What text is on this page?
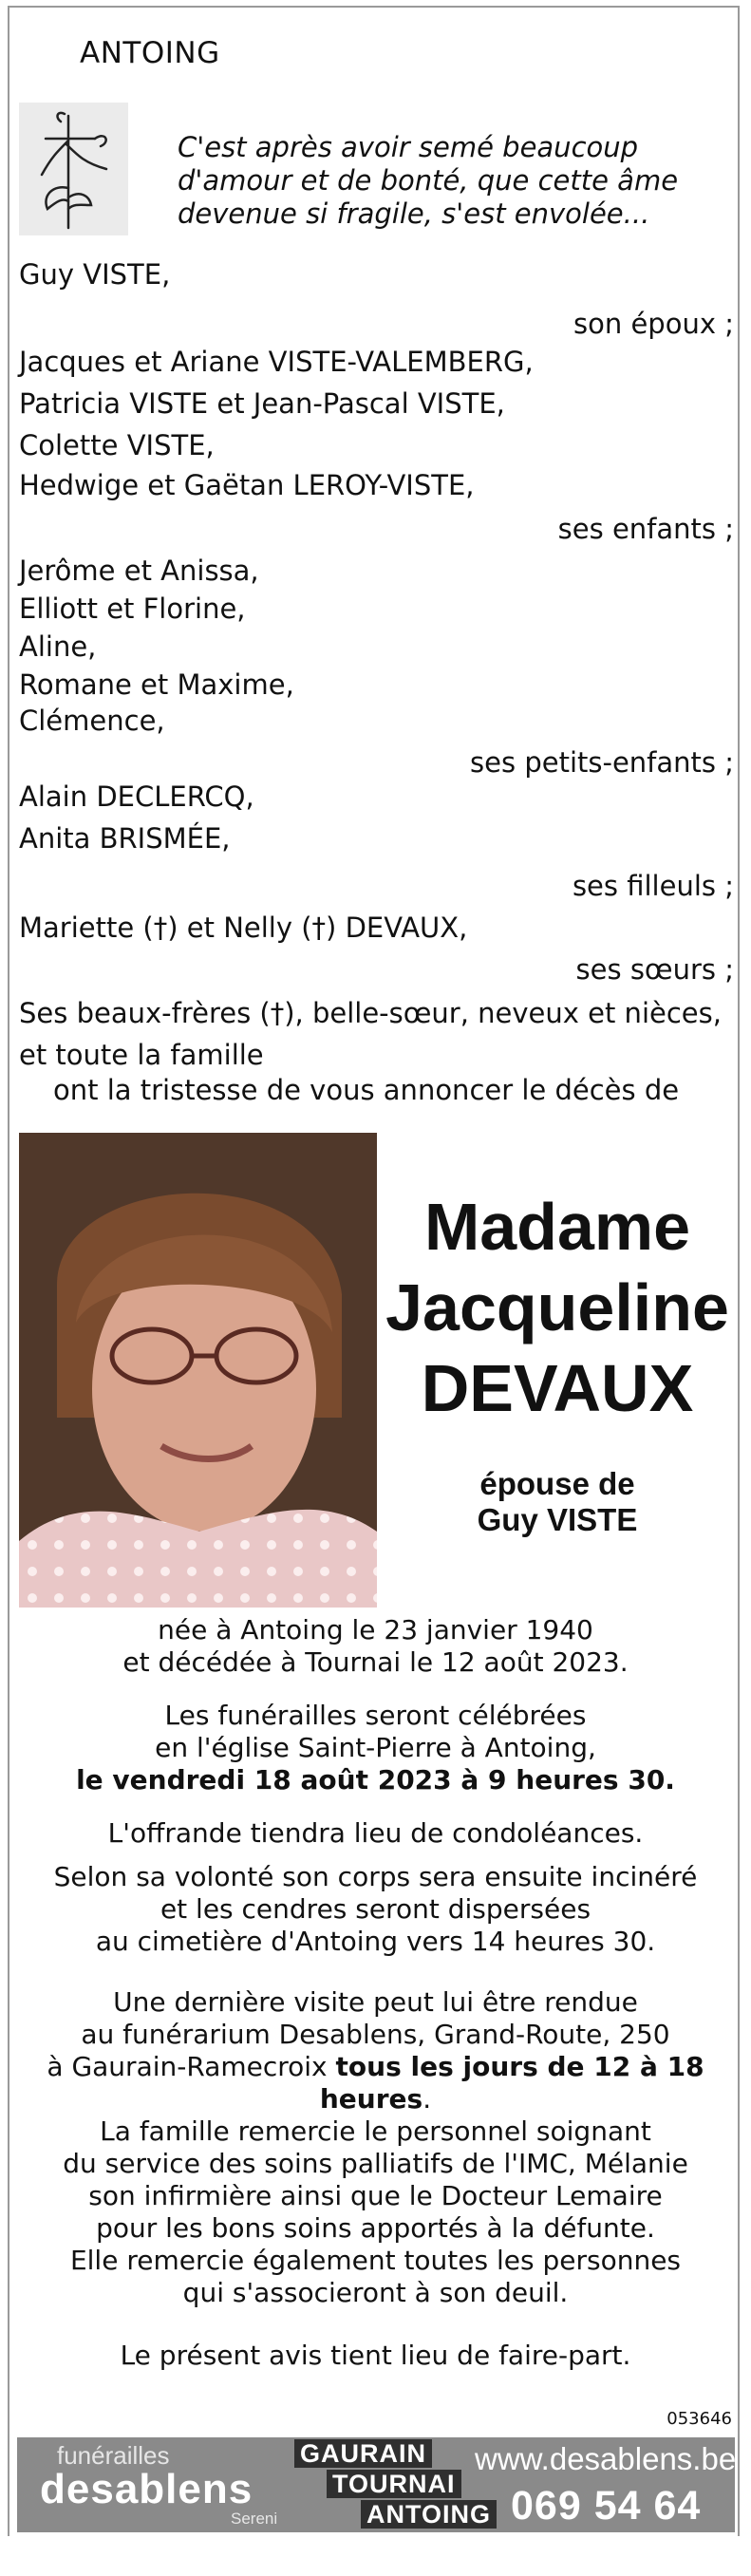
ANTOING
C'est après avoir semé beaucoup
d'amour et de bonté, que cette âme
devenue si fragile, s'est envolée...
Guy VISTE,
son époux ;
Jacques et Ariane VISTE-VALEMBERG,
Patricia VISTE et Jean-Pascal VISTE,
Colette VISTE,
Hedwige et Gaëtan LEROY-VISTE,
ses enfants ;
Jerôme et Anissa,
Elliott et Florine,
Aline,
Romane et Maxime,
Clémence,
ses petits-enfants ;
Alain DECLERCQ,
Anita BRISMÉE,
ses filleuls ;
Mariette (†) et Nelly (†) DEVAUX,
ses sœurs ;
Ses beaux-frères (†), belle-sœur, neveux et nièces,
et toute la famille
ont la tristesse de vous annoncer le décès de
Madame
Jacqueline
DEVAUX
épouse de
Guy VISTE
née à Antoing le 23 janvier 1940
et décédée à Tournai le 12 août 2023.
Les funérailles seront célébrées
en l'église Saint-Pierre à Antoing,
le vendredi 18 août 2023 à 9 heures 30.
L'offrande tiendra lieu de condoléances.
Selon sa volonté son corps sera ensuite incinéré
et les cendres seront dispersées
au cimetière d'Antoing vers 14 heures 30.
Une dernière visite peut lui être rendue
au funérarium Desablens, Grand-Route, 250
à Gaurain-Ramecroix tous les jours de 12 à 18 heures.
La famille remercie le personnel soignant
du service des soins palliatifs de l'IMC, Mélanie
son infirmière ainsi que le Docteur Lemaire
pour les bons soins apportés à la défunte.
Elle remercie également toutes les personnes
qui s'associeront à son deuil.
Le présent avis tient lieu de faire-part.
053646
funérailles
desablens
Sereni
GAURAIN
TOURNAI
ANTOING
www.desablens.be
069 54 64 22
